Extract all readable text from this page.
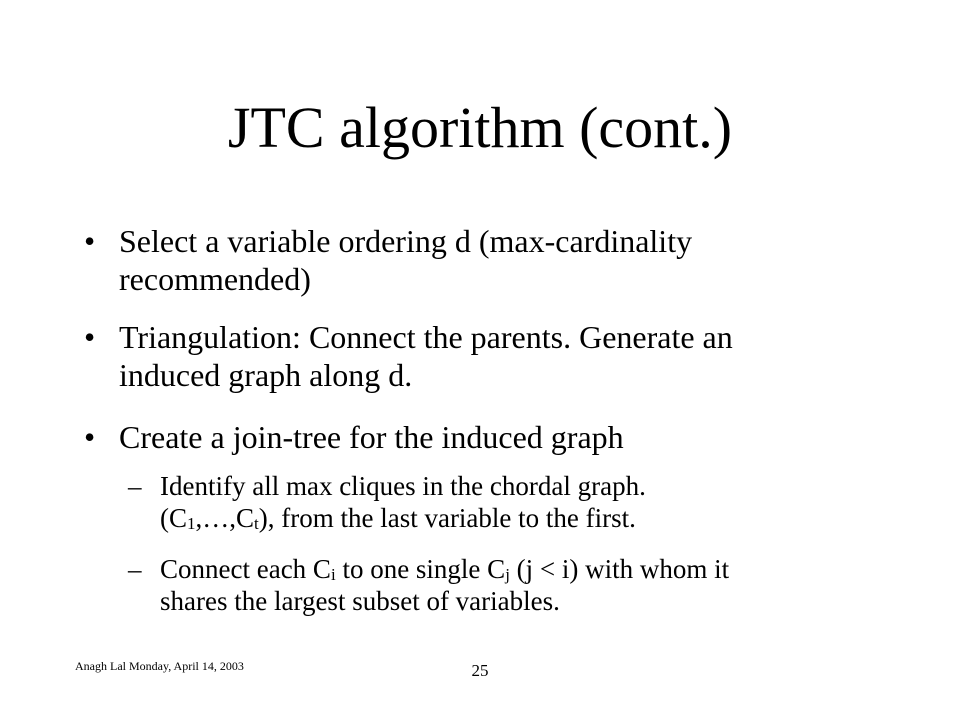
JTC algorithm (cont.)
• Select a variable ordering d (max-cardinality
recommended)
• Triangulation: Connect the parents. Generate an
induced graph along d.
• Create a join-tree for the induced graph
– Identify all max cliques in the chordal graph.
$(C_1,\dots,C_t)$, from the last variable to the first.
– Connect each $C_i$ to one single $C_j$ (j < i) with whom it
shares the largest subset of variables.
Anagh Lal Monday, April 14, 2003	25
